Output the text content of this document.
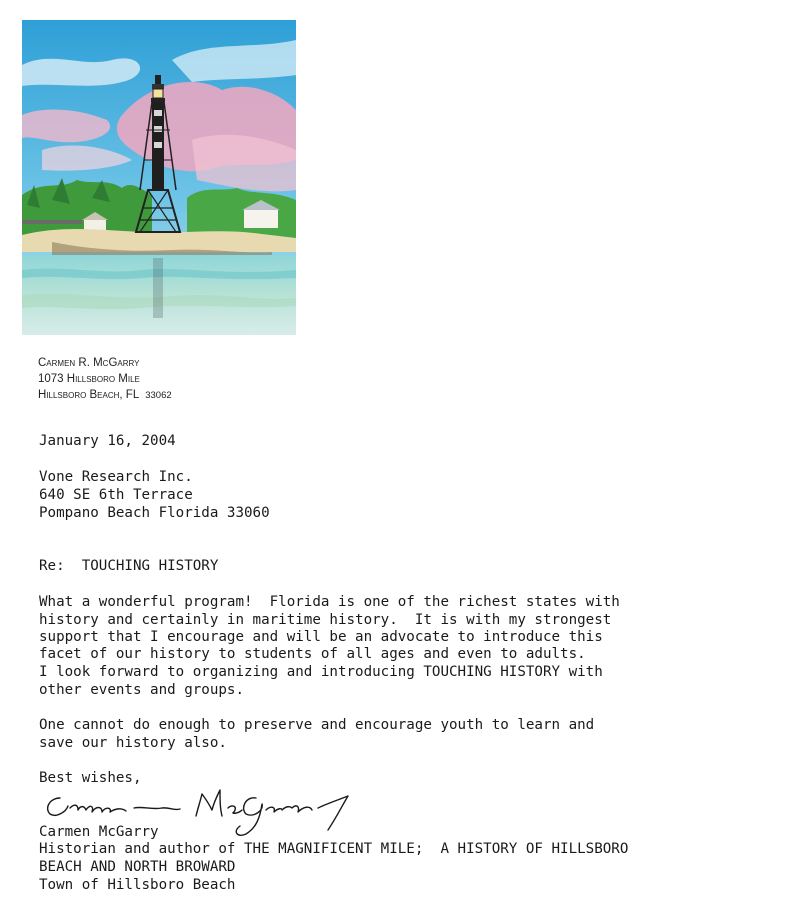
Carmen R. McGarry
1073 Hillsboro Mile
Hillsboro Beach, FL 33062
January 16, 2004
Vone Research Inc.
640 SE 6th Terrace
Pompano Beach Florida 33060
Re:  TOUCHING HISTORY
What a wonderful program!  Florida is one of the richest states with
history and certainly in maritime history.  It is with my strongest
support that I encourage and will be an advocate to introduce this
facet of our history to students of all ages and even to adults.
I look forward to organizing and introducing TOUCHING HISTORY with
other events and groups.
One cannot do enough to preserve and encourage youth to learn and
save our history also.
Best wishes,
Carmen McGarry
Historian and author of THE MAGNIFICENT MILE;  A HISTORY OF HILLSBORO
BEACH AND NORTH BROWARD
Town of Hillsboro Beach
